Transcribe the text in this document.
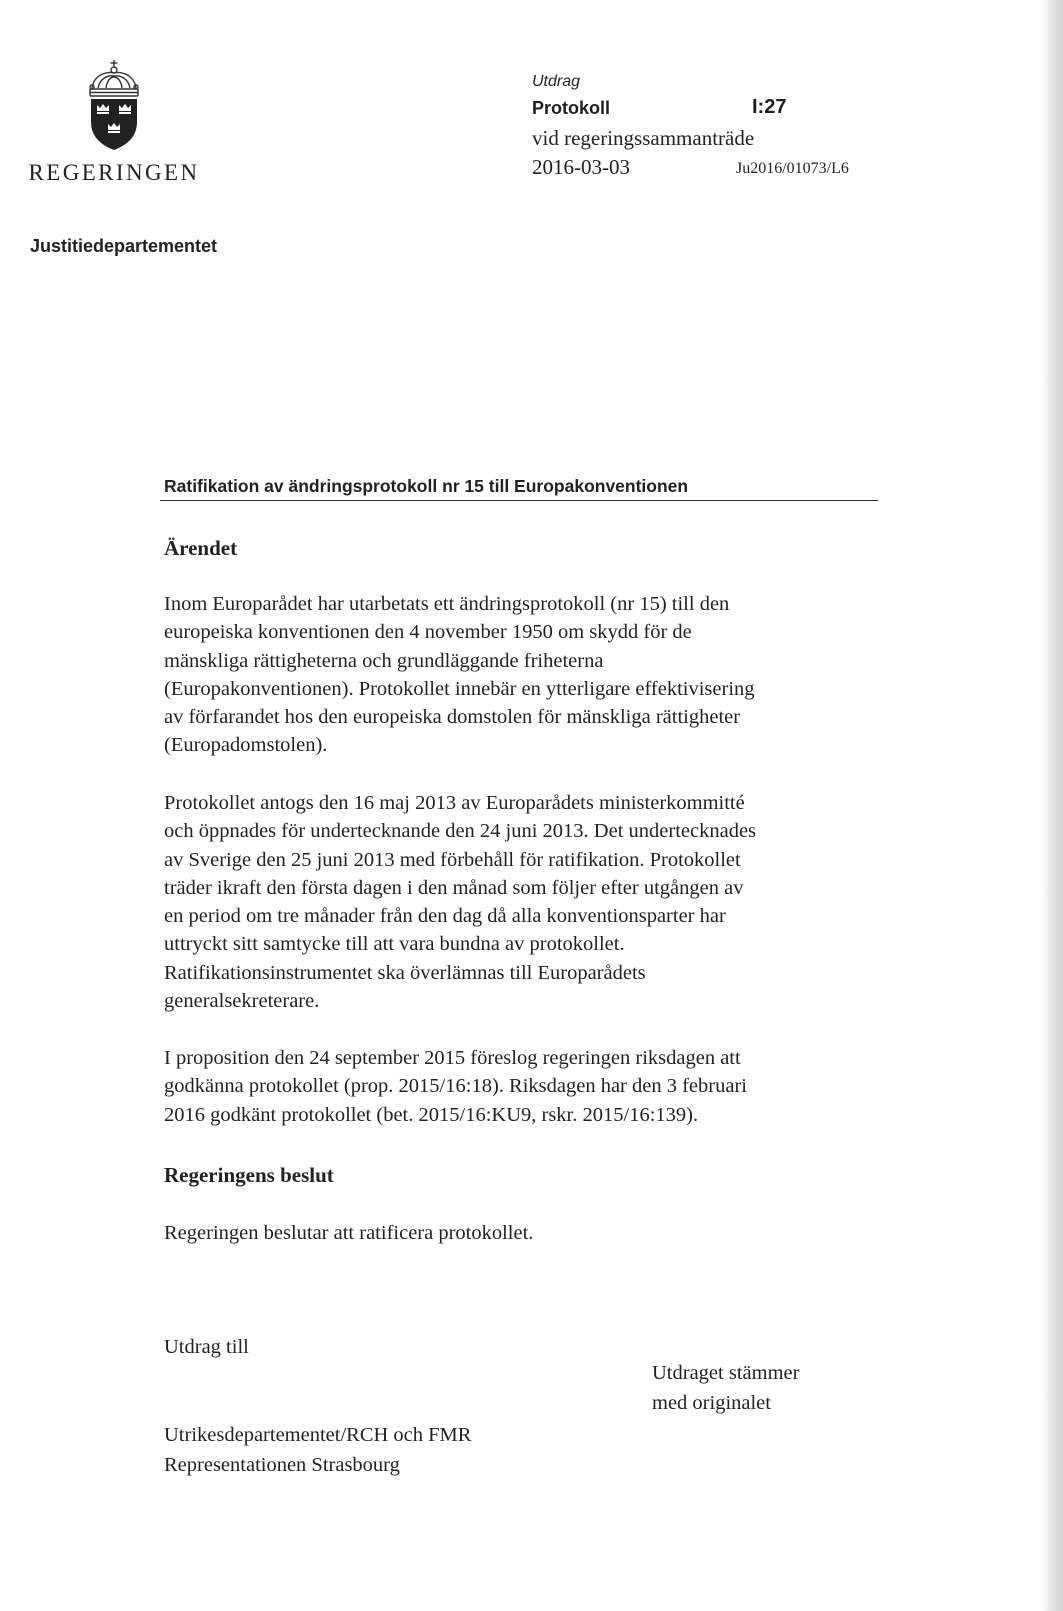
REGERINGEN
Utdrag
Protokoll	I:27
vid regeringssammanträde
2016-03-03	Ju2016/01073/L6
Justitiedepartementet
Ratifikation av ändringsprotokoll nr 15 till Europakonventionen
Ärendet
Inom Europarådet har utarbetats ett ändringsprotokoll (nr 15) till den
europeiska konventionen den 4 november 1950 om skydd för de
mänskliga rättigheterna och grundläggande friheterna
(Europakonventionen). Protokollet innebär en ytterligare effektivisering
av förfarandet hos den europeiska domstolen för mänskliga rättigheter
(Europadomstolen).
Protokollet antogs den 16 maj 2013 av Europarådets ministerkommitté
och öppnades för undertecknande den 24 juni 2013. Det undertecknades
av Sverige den 25 juni 2013 med förbehåll för ratifikation. Protokollet
träder ikraft den första dagen i den månad som följer efter utgången av
en period om tre månader från den dag då alla konventionsparter har
uttryckt sitt samtycke till att vara bundna av protokollet.
Ratifikationsinstrumentet ska överlämnas till Europarådets
generalsekreterare.
I proposition den 24 september 2015 föreslog regeringen riksdagen att
godkänna protokollet (prop. 2015/16:18). Riksdagen har den 3 februari
2016 godkänt protokollet (bet. 2015/16:KU9, rskr. 2015/16:139).
Regeringens beslut
Regeringen beslutar att ratificera protokollet.
Utdrag till
Utdraget stämmer
med originalet
Utrikesdepartementet/RCH och FMR
Representationen Strasbourg
